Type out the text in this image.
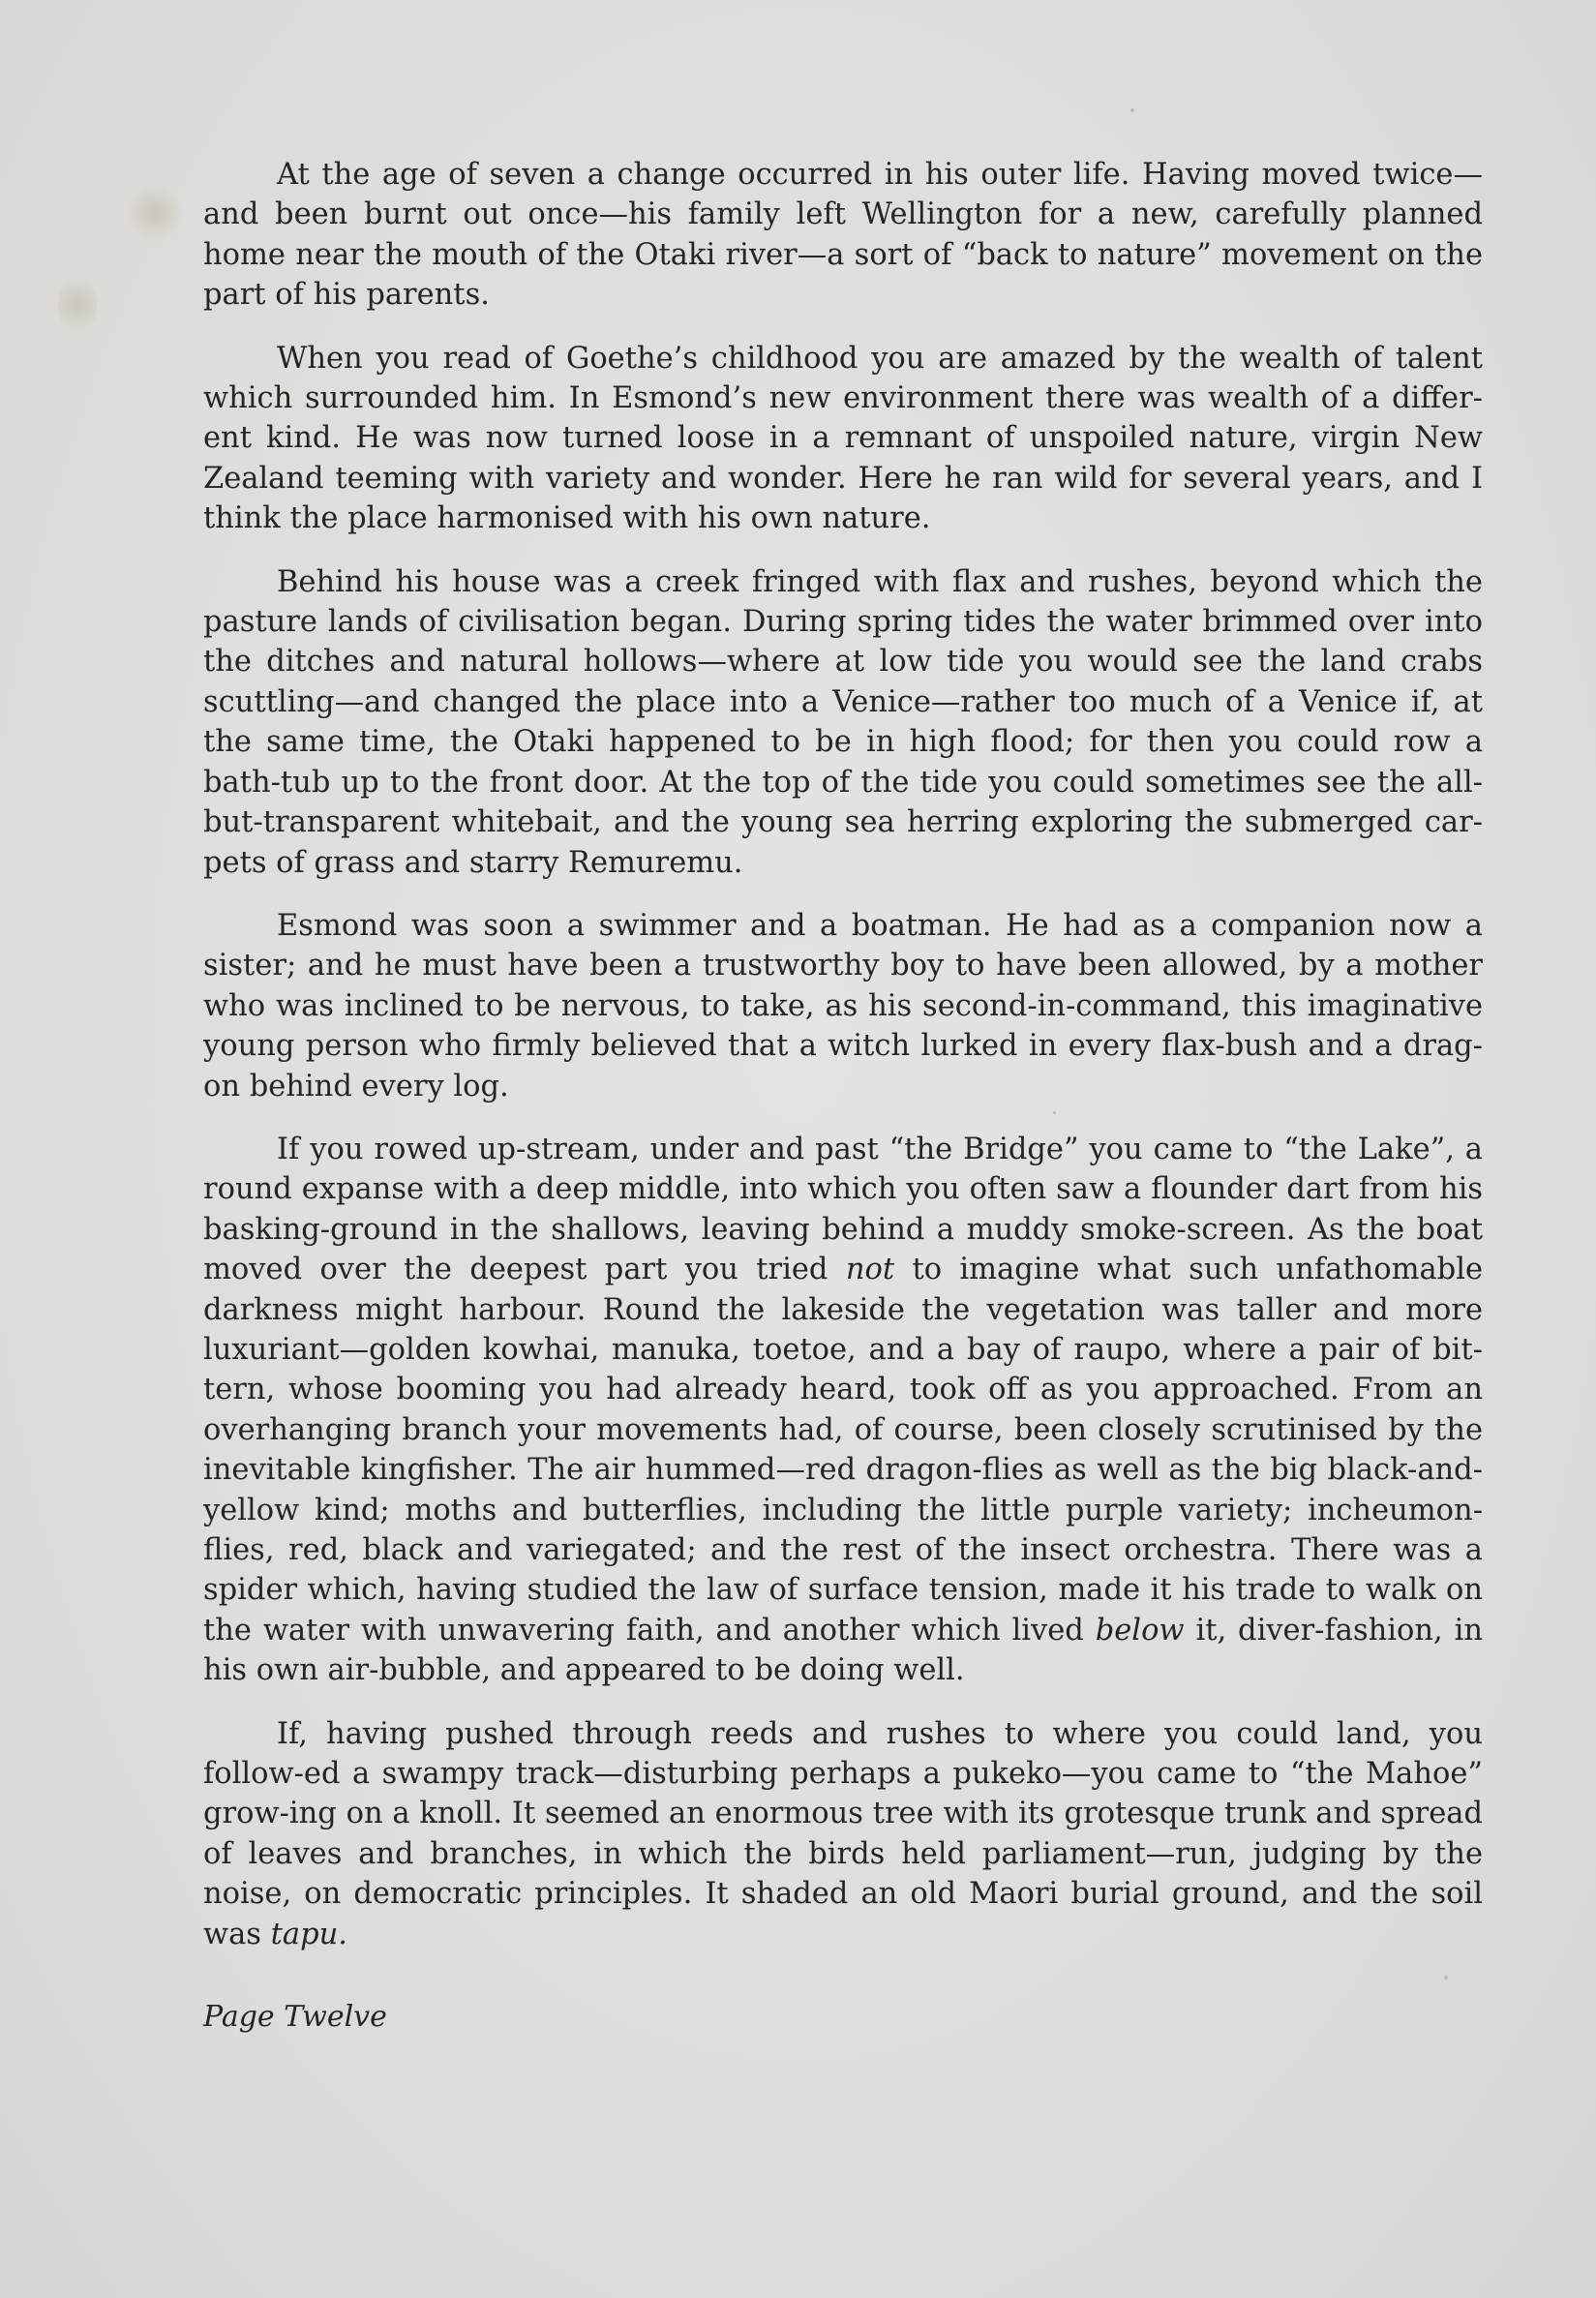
At the age of seven a change occurred in his outer life. Having moved twice—and been burnt out once—his family left Wellington for a new, carefully planned home near the mouth of the Otaki river—a sort of “back to nature” movement on the part of his parents.

When you read of Goethe’s childhood you are amazed by the wealth of talent which surrounded him. In Esmond’s new environment there was wealth of a differ-ent kind. He was now turned loose in a remnant of unspoiled nature, virgin New Zealand teeming with variety and wonder. Here he ran wild for several years, and I think the place harmonised with his own nature.

Behind his house was a creek fringed with flax and rushes, beyond which the pasture lands of civilisation began. During spring tides the water brimmed over into the ditches and natural hollows—where at low tide you would see the land crabs scuttling—and changed the place into a Venice—rather too much of a Venice if, at the same time, the Otaki happened to be in high flood; for then you could row a bath-tub up to the front door. At the top of the tide you could sometimes see the all-but-transparent whitebait, and the young sea herring exploring the submerged car-pets of grass and starry Remuremu.

Esmond was soon a swimmer and a boatman. He had as a companion now a sister; and he must have been a trustworthy boy to have been allowed, by a mother who was inclined to be nervous, to take, as his second-in-command, this imaginative young person who firmly believed that a witch lurked in every flax-bush and a drag-on behind every log.

If you rowed up-stream, under and past “the Bridge” you came to “the Lake”, a round expanse with a deep middle, into which you often saw a flounder dart from his basking-ground in the shallows, leaving behind a muddy smoke-screen. As the boat moved over the deepest part you tried not to imagine what such unfathomable darkness might harbour. Round the lakeside the vegetation was taller and more luxuriant—golden kowhai, manuka, toetoe, and a bay of raupo, where a pair of bit-tern, whose booming you had already heard, took off as you approached. From an overhanging branch your movements had, of course, been closely scrutinised by the inevitable kingfisher. The air hummed—red dragon-flies as well as the big black-and-yellow kind; moths and butterflies, including the little purple variety; incheumon-flies, red, black and variegated; and the rest of the insect orchestra. There was a spider which, having studied the law of surface tension, made it his trade to walk on the water with unwavering faith, and another which lived below it, diver-fashion, in his own air-bubble, and appeared to be doing well.

If, having pushed through reeds and rushes to where you could land, you follow-ed a swampy track—disturbing perhaps a pukeko—you came to “the Mahoe” grow-ing on a knoll. It seemed an enormous tree with its grotesque trunk and spread of leaves and branches, in which the birds held parliament—run, judging by the noise, on democratic principles. It shaded an old Maori burial ground, and the soil was tapu.

Page Twelve
